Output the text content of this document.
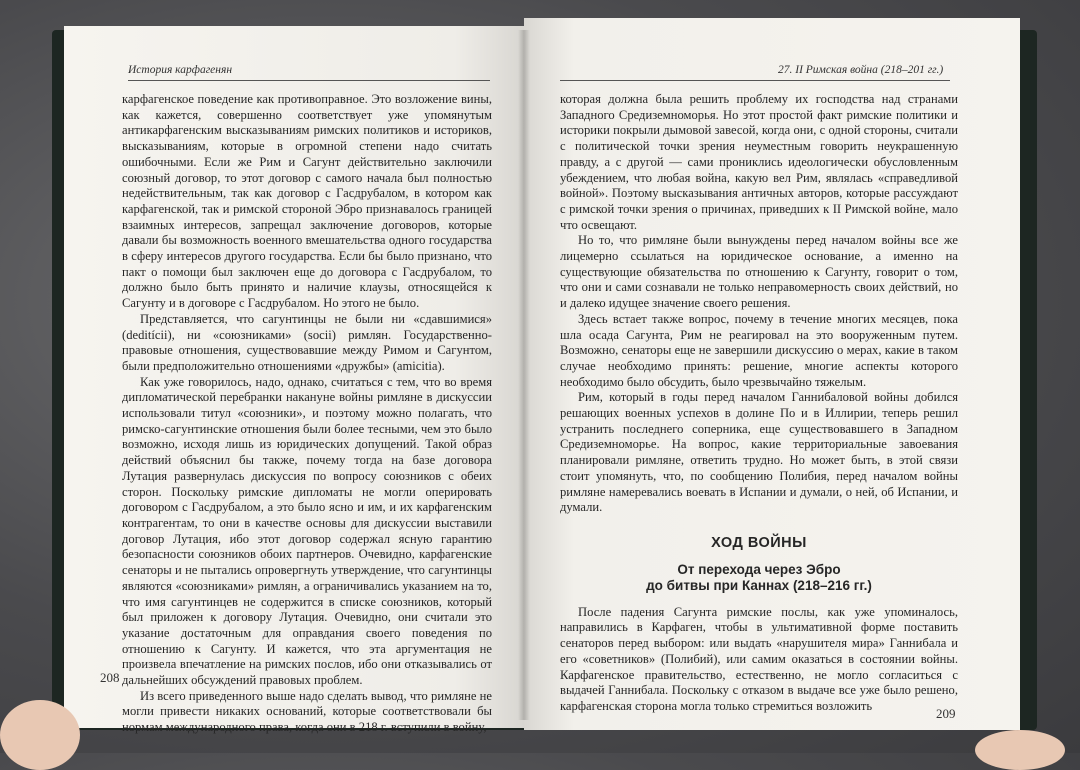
История карфагенян

карфагенское поведение как противоправное. Это возложение вины, как кажется, совершенно соответствует уже упомянутым антикарфагенским высказываниям римских политиков и историков, высказываниям, которые в огромной степени надо считать ошибочными. Если же Рим и Сагунт действительно заключили союзный договор, то этот договор с самого начала был полностью недействительным, так как договор с Гасдрубалом, в котором как карфагенской, так и римской стороной Эбро признавалось границей взаимных интересов, запрещал заключение договоров, которые давали бы возможность военного вмешательства одного государства в сферу интересов другого государства. Если бы было признано, что пакт о помощи был заключен еще до договора с Гасдрубалом, то должно было быть принято и наличие клаузы, относящейся к Сагунту и в договоре с Гасдрубалом. Но этого не было.

Представляется, что сагунтинцы не были ни «сдавшимися» (deditícii), ни «союзниками» (socii) римлян. Государственно-правовые отношения, существовавшие между Римом и Сагунтом, были предположительно отношениями «дружбы» (amicitia).

Как уже говорилось, надо, однако, считаться с тем, что во время дипломатической перебранки накануне войны римляне в дискуссии использовали титул «союзники», и поэтому можно полагать, что римско-сагунтинские отношения были более тесными, чем это было возможно, исходя лишь из юридических допущений. Такой образ действий объяснил бы также, почему тогда на базе договора Лутация развернулась дискуссия по вопросу союзников с обеих сторон. Поскольку римские дипломаты не могли оперировать договором с Гасдрубалом, а это было ясно и им, и их карфагенским контрагентам, то они в качестве основы для дискуссии выставили договор Лутация, ибо этот договор содержал ясную гарантию безопасности союзников обоих партнеров. Очевидно, карфагенские сенаторы и не пытались опровергнуть утверждение, что сагунтинцы являются «союзниками» римлян, а ограничивались указанием на то, что имя сагунтинцев не содержится в списке союзников, который был приложен к договору Лутация. Очевидно, они считали это указание достаточным для оправдания своего поведения по отношению к Сагунту. И кажется, что эта аргументация не произвела впечатление на римских послов, ибо они отказывались от дальнейших обсуждений правовых проблем.

Из всего приведенного выше надо сделать вывод, что римляне не могли привести никаких оснований, которые соответствовали бы нормам международного права, когда они в 218 г. вступили в войну,

208
27. II Римская война (218–201 гг.)

которая должна была решить проблему их господства над странами Западного Средиземноморья. Но этот простой факт римские политики и историки покрыли дымовой завесой, когда они, с одной стороны, считали с политической точки зрения неуместным говорить неукрашенную правду, а с другой — сами прониклись идеологически обусловленным убеждением, что любая война, какую вел Рим, являлась «справедливой войной». Поэтому высказывания античных авторов, которые рассуждают с римской точки зрения о причинах, приведших к II Римской войне, мало что освещают.

Но то, что римляне были вынуждены перед началом войны все же лицемерно ссылаться на юридическое основание, а именно на существующие обязательства по отношению к Сагунту, говорит о том, что они и сами сознавали не только неправомерность своих действий, но и далеко идущее значение своего решения.

Здесь встает также вопрос, почему в течение многих месяцев, пока шла осада Сагунта, Рим не реагировал на это вооруженным путем. Возможно, сенаторы еще не завершили дискуссию о мерах, какие в таком случае необходимо принять: решение, многие аспекты которого необходимо было обсудить, было чрезвычайно тяжелым.

Рим, который в годы перед началом Ганнибаловой войны добился решающих военных успехов в долине По и в Иллирии, теперь решил устранить последнего соперника, еще существовавшего в Западном Средиземноморье. На вопрос, какие территориальные завоевания планировали римляне, ответить трудно. Но может быть, в этой связи стоит упомянуть, что, по сообщению Полибия, перед началом войны римляне намеревались воевать в Испании и думали, о ней, об Испании, и думали.

ХОД ВОЙНЫ
От перехода через Эбро
до битвы при Каннах (218–216 гг.)

После падения Сагунта римские послы, как уже упоминалось, направились в Карфаген, чтобы в ультимативной форме поставить сенаторов перед выбором: или выдать «нарушителя мира» Ганнибала и его «советников» (Полибий), или самим оказаться в состоянии войны. Карфагенское правительство, естественно, не могло согласиться с выдачей Ганнибала. Поскольку с отказом в выдаче все уже было решено, карфагенская сторона могла только стремиться возложить

209
